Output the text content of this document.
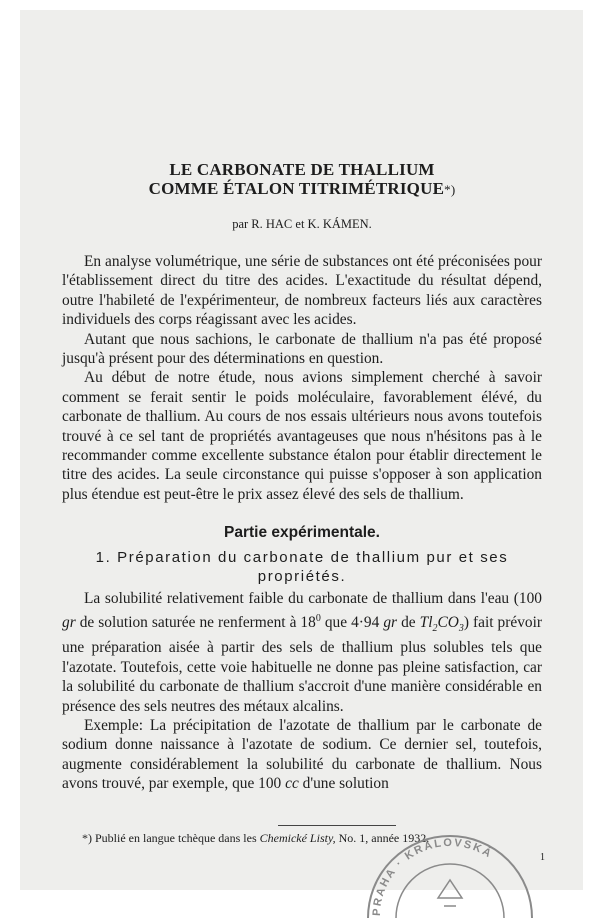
LE CARBONATE DE THALLIUM
COMME ÉTALON TITRIMÉTRIQUE*)
par R. HAC et K. KÁMEN.

En analyse volumétrique, une série de substances ont été préconisées pour l'établissement direct du titre des acides. L'exactitude du résultat dépend, outre l'habileté de l'expérimenteur, de nombreux facteurs liés aux caractères individuels des corps réagissant avec les acides.

Autant que nous sachions, le carbonate de thallium n'a pas été proposé jusqu'à présent pour des déterminations en question.

Au début de notre étude, nous avions simplement cherché à savoir comment se ferait sentir le poids moléculaire, favorablement élévé, du carbonate de thallium. Au cours de nos essais ultérieurs nous avons toutefois trouvé à ce sel tant de propriétés avantageuses que nous n'hésitons pas à le recommander comme excellente substance étalon pour établir directement le titre des acides. La seule circonstance qui puisse s'opposer à son application plus étendue est peut-être le prix assez élevé des sels de thallium.

Partie expérimentale.
1. Préparation du carbonate de thallium pur et ses propriétés.

La solubilité relativement faible du carbonate de thallium dans l'eau (100 gr de solution saturée ne renferment à $18^0$ que 4·94 gr de $Tl_2CO_3$) fait prévoir une préparation aisée à partir des sels de thallium plus solubles tels que l'azotate. Toutefois, cette voie habituelle ne donne pas pleine satisfaction, car la solubilité du carbonate de thallium s'accroit d'une manière considérable en présence des sels neutres des métaux alcalins.

Exemple: La précipitation de l'azotate de thallium par le carbonate de sodium donne naissance à l'azotate de sodium. Ce dernier sel, toutefois, augmente considérablement la solubilité du carbonate de thallium. Nous avons trouvé, par exemple, que 100 cc d'une solution

*) Publié en langue tchèque dans les Chemické Listy, No. 1, année 1932.
1
PRAHA · KRÁLOVSKÁ
